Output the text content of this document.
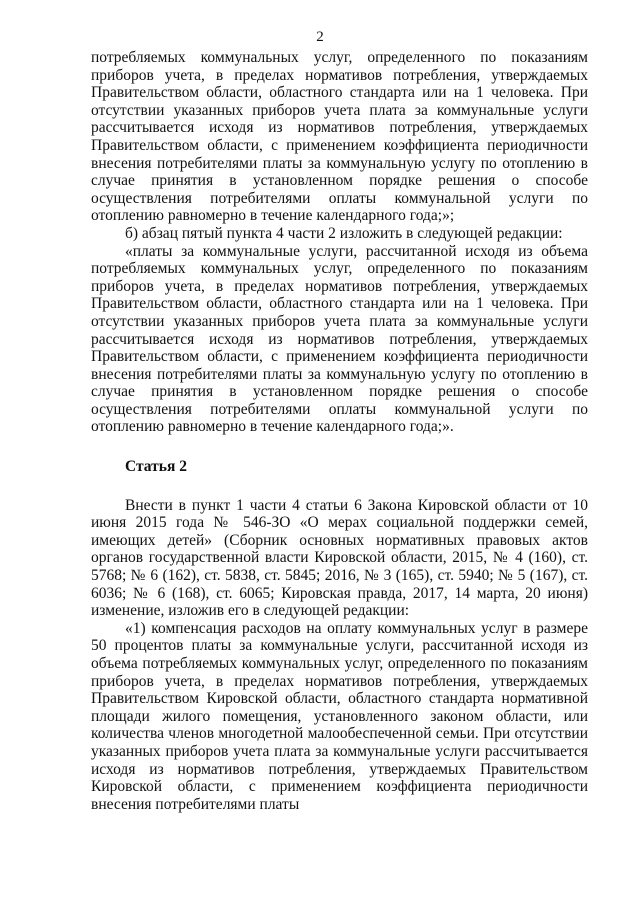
2

потребляемых коммунальных услуг, определенного по показаниям приборов учета, в пределах нормативов потребления, утверждаемых Правительством области, областного стандарта или на 1 человека. При отсутствии указанных приборов учета плата за коммунальные услуги рассчитывается исходя из нормативов потребления, утверждаемых Правительством области, с применением коэффициента периодичности внесения потребителями платы за коммунальную услугу по отоплению в случае принятия в установленном порядке решения о способе осуществления потребителями оплаты коммунальной услуги по отоплению равномерно в течение календарного года;»;

б) абзац пятый пункта 4 части 2 изложить в следующей редакции:

«платы за коммунальные услуги, рассчитанной исходя из объема потребляемых коммунальных услуг, определенного по показаниям приборов учета, в пределах нормативов потребления, утверждаемых Правительством области, областного стандарта или на 1 человека. При отсутствии указанных приборов учета плата за коммунальные услуги рассчитывается исходя из нормативов потребления, утверждаемых Правительством области, с применением коэффициента периодичности внесения потребителями платы за коммунальную услугу по отоплению в случае принятия в установленном порядке решения о способе осуществления потребителями оплаты коммунальной услуги по отоплению равномерно в течение календарного года;».

Статья 2

Внести в пункт 1 части 4 статьи 6 Закона Кировской области от 10 июня 2015 года № 546-ЗО «О мерах социальной поддержки семей, имеющих детей» (Сборник основных нормативных правовых актов органов государственной власти Кировской области, 2015, № 4 (160), ст. 5768; № 6 (162), ст. 5838, ст. 5845; 2016, № 3 (165), ст. 5940; № 5 (167), ст. 6036; № 6 (168), ст. 6065; Кировская правда, 2017, 14 марта, 20 июня) изменение, изложив его в следующей редакции:

«1) компенсация расходов на оплату коммунальных услуг в размере 50 процентов платы за коммунальные услуги, рассчитанной исходя из объема потребляемых коммунальных услуг, определенного по показаниям приборов учета, в пределах нормативов потребления, утверждаемых Правительством Кировской области, областного стандарта нормативной площади жилого помещения, установленного законом области, или количества членов многодетной малообеспеченной семьи. При отсутствии указанных приборов учета плата за коммунальные услуги рассчитывается исходя из нормативов потребления, утверждаемых Правительством Кировской области, с применением коэффициента периодичности внесения потребителями платы
